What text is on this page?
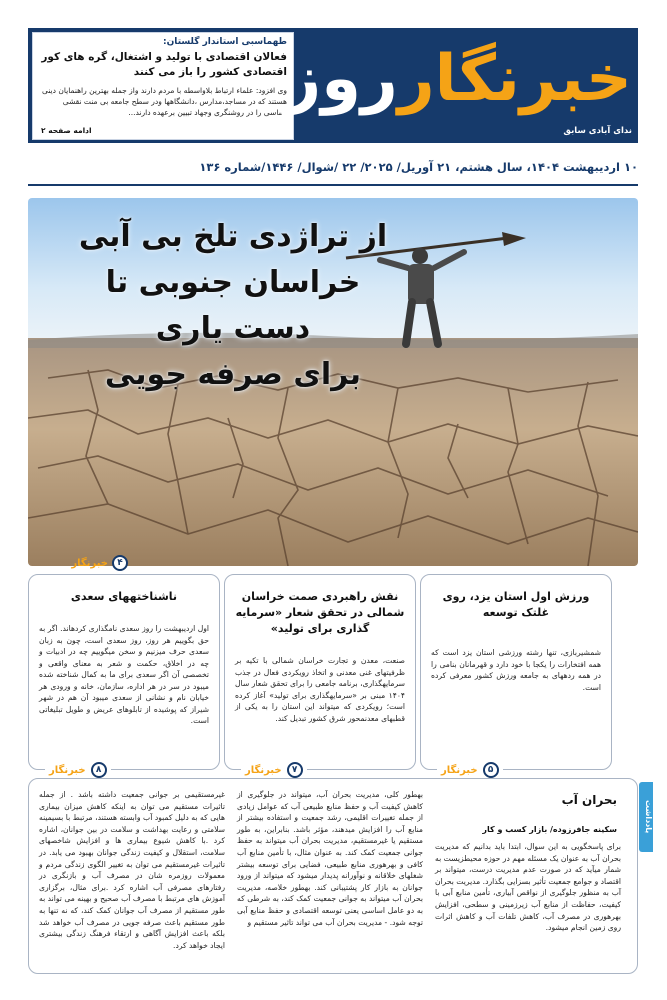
طهماسبی استاندار گلستان:
فعالان اقتصادی با تولید و اشتغال، گره های کور اقتصادی کشور را باز می کنند
وی افزود: علماء ارتباط بلاواسطه با مردم دارند واز جمله بهترین راهنمایان دینی هستند که در مساجد،مدارس ،دانشگاهها ودر سطح جامعه بی منت نقشی اساسی را در روشنگری وجهاد تبیین برعهده دارند...
ادامه صفحه ۲
خبرنگارروز
ندای آبادی سابق
۱۰ اردیبهشت ۱۴۰۴، سال هشتم، ۲۱ آوریل/ ۲۰۲۵/ ۲۲ /شوال/ ۱۴۴۶/شماره ۱۳۶
از تراژدی تلخ بی آبی
خراسان جنوبی تا دست یاری
برای صرفه جویی
۴
خبرنگار
ورزش اول استان یزد، روی غلتک توسعه
شمشیربازی، تنها رشته ورزشی استان یزد است که همه افتخارات را یکجا با خود دارد و قهرمانان بنامی را در همه ردههای به جامعه ورزش کشور معرفی کرده است.
۵
خبرنگار
نقش راهبردی صمت خراسان شمالی در تحقق شعار «سرمایه گذاری برای تولید»
صنعت، معدن و تجارت خراسان شمالی با تکیه بر ظرفیتهای غنی معدنی و اتخاذ رویکردی فعال در جذب سرمایهگذاری، برنامه جامعی را برای تحقق شعار سال ۱۴۰۴ مبنی بر «سرمایهگذاری برای تولید» آغاز کرده است؛ رویکردی که میتواند این استان را به یکی از قطبهای معدنمحور شرق کشور تبدیل کند.
۷
خبرنگار
ناشناختههای سعدی
اول اردیبهشت را روز سعدی نامگذاری کردهاند. اگر به حق بگوییم هر روز، روز سعدی است، چون به زبان سعدی حرف میزنیم و سخن میگوییم چه در ادبیات و چه در اخلاق، حکمت و شعر به معنای واقعی و تخصصی آن اگر سعدی برای ما به کمال شناخته شده میبود در سر در هر اداره، سازمان، خانه و ورودی هر خیابان نام و نشانی از سعدی میبود آن هم در شهر شیراز که پوشیده از تابلوهای عریض و طویل تبلیغاتی است.
۸
خبرنگار
بحران آب
سکینه جافرزوده/ بازار کسب و کار
برای پاسخگویی به این سوال، ابتدا باید بدانیم که مدیریت بحران آب به عنوان یک مسئله مهم در حوزه محیطزیست به شمار میآید که در صورت عدم مدیریت درست، میتواند بر اقتصاد و جوامع جمعیت تأثیر بسزایی بگذارد. مدیریت بحران آب به منظور جلوگیری از نواقص آبیاری، تأمین منابع آبی با کیفیت، حفاظت از منابع آب زیرزمینی و سطحی، افزایش بهرهوری در مصرف آب، کاهش تلفات آب و کاهش اثرات روی زمین انجام میشود.
بهطور کلی، مدیریت بحران آب، میتواند در جلوگیری از کاهش کیفیت آب و حفظ منابع طبیعی آب که عوامل زیادی از جمله تغییرات اقلیمی، رشد جمعیت و استفاده بیشتر از منابع آب را افزایش میدهند، مؤثر باشد. بنابراین، به طور مستقیم یا غیرمستقیم، مدیریت بحران آب میتواند به حفظ جوانی جمعیت کمک کند. به عنوان مثال، با تأمین منابع آب کافی و بهرهوری منابع طبیعی، فضایی برای توسعه بیشتر شغلهای خلاقانه و نوآورانه پدیدار میشود که میتواند از ورود جوانان به بازار کار پشتیبانی کند. بهطور خلاصه، مدیریت بحران آب میتواند به جوانی جمعیت کمک کند، به شرطی که به دو عامل اساسی یعنی توسعه اقتصادی و حفظ منابع آبی توجه شود. - مدیریت بحران آب می تواند تاثیر مستقیم و
غیرمستقیمی بر جوانی جمعیت داشته باشد . از جمله تاثیرات مستقیم می توان به اینکه کاهش میزان بیماری هایی که به دلیل کمبود آب وابسته هستند، مرتبط با بسیمینه سلامتی و رعایت بهداشت و سلامت در بین جوانان، اشاره کرد .با کاهش شیوع بیماری ها و افزایش شاخصهای سلامت، استقلال و کیفیت زندگی جوانان بهبود می یابد. در تاثیرات غیرمستقیم می توان به تغییر الگوی زندگی مردم و معمولات روزمره شان در مصرف آب و بازنگری در رفتارهای مصرفی آب اشاره کرد .برای مثال، برگزاری آموزش های مرتبط با مصرف آب صحیح و بهینه می تواند به طور مستقیم از مصرف آب جوانان کمک کند، که نه تنها به طور مستقیم باعث صرفه جویی در مصرف آب خواهد شد بلکه باعث افزایش آگاهی و ارتقاء فرهنگ زندگی بیشتری ایجاد خواهد کرد.
یادداشت
